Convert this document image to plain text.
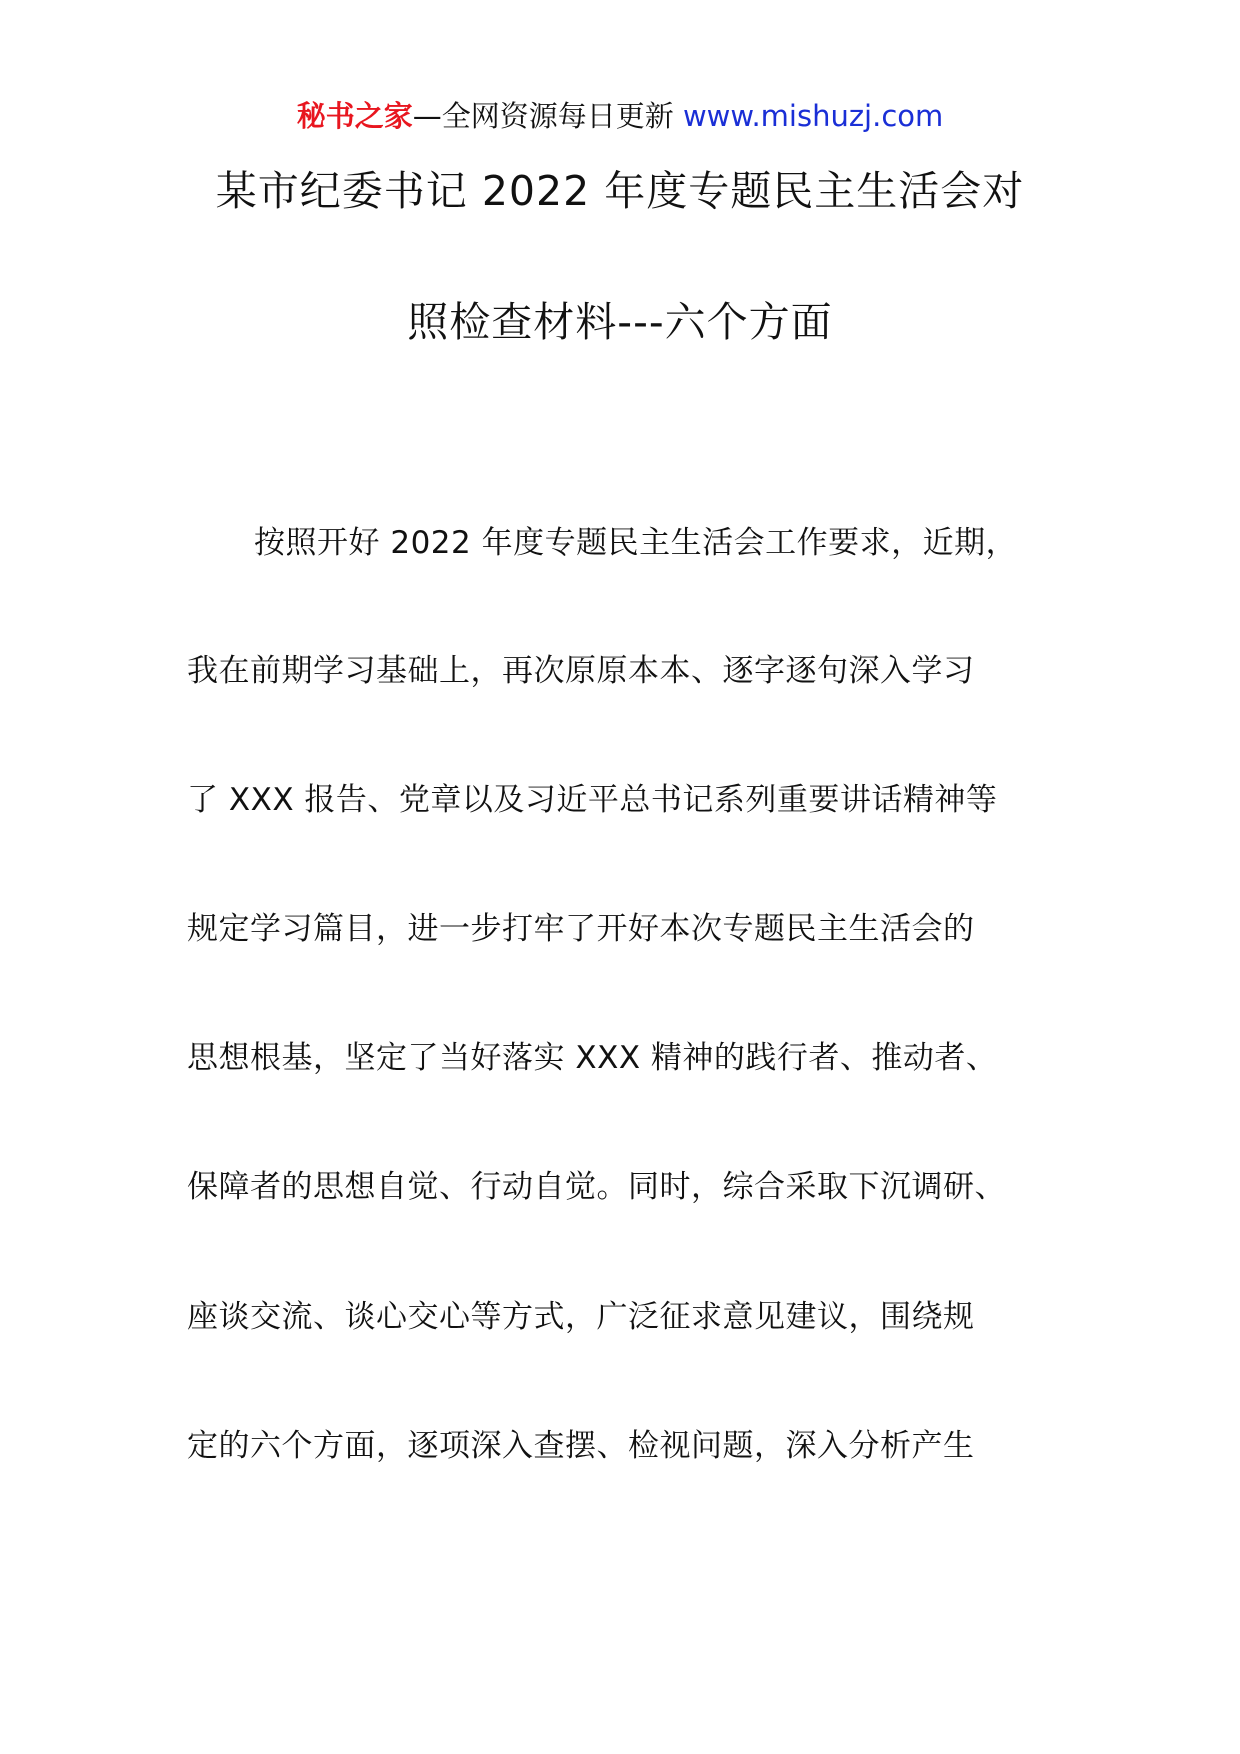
秘书之家—全网资源每日更新 www.mishuzj.com
某市纪委书记 2022 年度专题民主生活会对
照检查材料---六个方面
按照开好 2022 年度专题民主生活会工作要求，近期，
我在前期学习基础上，再次原原本本、逐字逐句深入学习
了 XXX 报告、党章以及习近平总书记系列重要讲话精神等
规定学习篇目，进一步打牢了开好本次专题民主生活会的
思想根基，坚定了当好落实 XXX 精神的践行者、推动者、
保障者的思想自觉、行动自觉。同时，综合采取下沉调研、
座谈交流、谈心交心等方式，广泛征求意见建议，围绕规
定的六个方面，逐项深入查摆、检视问题，深入分析产生
